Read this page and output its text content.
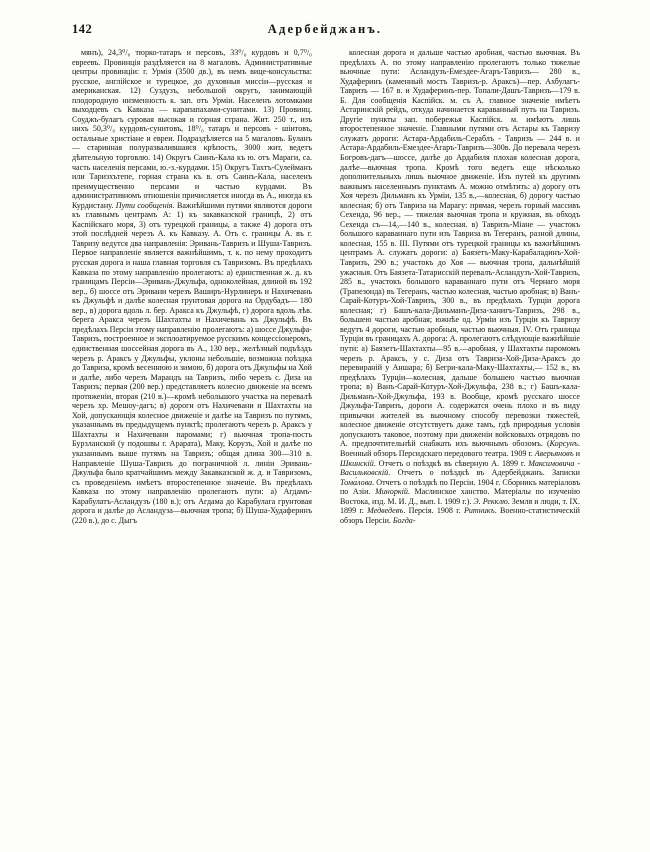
142	Адербейджанъ.

мянъ), 24,3⁰/₀ тюрко-татаръ и персовъ, 33⁰/₀ курдовъ и 0,7⁰/₀ евреевъ. Провинція раздѣляется на 8 магаловъ. Административные центры провинціи: г. Урмія (3500 дв.), въ немъ вице-консульства: русское, англійское и турецкое, до духовныя миссіи—русская и американская. 12) Суздузъ, небольшой округъ, занимающій плодородную низменность к. зап. отъ Урміи. Населенъ лотомками выходцевъ съ Кавказа — карапапахами-сунитами. 13) Провинц. Соуджъ-булагъ суровая высокая и горная страна. Жит. 250 т., изъ нихъ 50,3⁰/₀ курдовъ-сунитовъ, 18⁰/₀ татаръ и персовъ - шіитовъ, остальные христіане и евреи. Подраздѣляется на 5 магаловъ. Буланъ — старинная полуразвалившаяся крѣпость, 3000 жит, ведетъ дѣятельную торговлю. 14) Округъ Саинъ-Кала къ ю. отъ Мараги, са. часть населенія персами, ю.-з.-курдами. 15) Округъ Тахтъ-Сулейманъ или Таризхътепе, горная страна къ в. отъ Саинъ-Кала, населенъ преимущественно персами и частью курдами. Въ административномъ отношеніи причисляется иногда въ А., иногда къ Курдистану. Пути сообщенія. Важнѣйшими путями являются дороги къ главнымъ центрамъ А: 1) къ закавказской границѣ, 2) отъ Каспійскаго моря, 3) отъ турецкой границы, а также 4) дорога отъ этой послѣдней черезъ А. къ Кавказу. А. Отъ с. границы А. въ г. Тавризу ведутся два направленія: Эривань-Тавризъ и Шуша-Тавризъ. Первое направленіе является важнѣйшимъ, т. к. по нему проходитъ русская дорога и наша главная торговля съ Тавризомъ. Въ предѣлахъ Кавказа по этому направленію пролегаютъ: а) единственная ж. д. къ границамъ Персіи—Эривань-Джульфа, одноколейная, длиной въ 192 вер., б) шоссе отъ Эривани черезъ Ваширъ-Нурлинеръ и Нахичевань къ Джульфѣ и далѣе колесная грунтовая дорога на Ордубадъ— 180 вер., в) дорога вдоль л. бер. Аракса къ Джульфѣ, г) дорога вдоль лѣв. берега Аракса черезъ Шахтахты и Нахичевань къ Джульфѣ. Въ предѣлахъ Персіи этому направленію пролегаютъ: а) шоссе Джульфа-Тавризъ, построенное и эксплоатируемое русскимъ концессіонеромъ, единственная шоссейная дорога въ А., 130 вер., желѣзный подъѣздъ черезъ р. Араксъ у Джульфы, уклоны небольшіе, возможна поѣздка до Тавриза, кромѣ весеннюю и зимою, б) дорога отъ Джульфы на Хой и далѣе, либо черезъ Марандъ на Тавризъ, либо черезъ с. Диза на Тавризъ; первая (200 вер.) представляетъ колесно движеніе на всемъ протяженіи, вторая (210 в.)—кромѣ небольшого участка на перевалѣ черезъ хр. Мешоу-дагъ; в) дороги отъ Нахичевани и Шахтахты на Хой, допускающія колесное движеніе и далѣе на Тавризъ по путямъ, указаннымъ въ предыдущемъ пунктѣ; пролегаютъ черезъ р. Араксъ у Шахтахты и Нахичевани паромами; г) вьючная тропа-пость Бурзланской (у подошвы г. Арарата), Маку, Корузъ, Хой и далѣе по указаннымъ выше путямъ на Тавризъ; общая длина 300—310 в. Направленіе Шуша-Тавризъ до пограничной л. линіи Эривань-Джульфа было кратчайшимъ между Закавказской ж. д. и Тавризомъ, съ проведеніемъ имѣетъ второстепенное значеніе. Въ предѣлахъ Кавказа по этому направленію пролегаютъ пути: а) Агдамъ-Карабулатъ-Асландузъ (180 в.); отъ Агдама до Карабулага грунтовая дорога и далѣе до Асландуза—вьючная тропа; б) Шуша-Худаферинъ (220 в.), до с. Дыгъ

колесная дорога и дальше частью аробная, частью вьючная. Въ предѣлахъ А. по этому направленію пролегаютъ только тяжелые вьючные пути: Асландузъ-Емездее-Агаръ-Тавризъ— 280 в., Худаферинъ (каменный мостъ Тавризъ-р. Араксъ)—пер. Ахбулагъ-Тавризъ — 167 в. и Худаферинъ-пер. Топали-Дашъ-Тавризъ—179 в. Б. Для сообщенія Каспійск. м. съ А. главное значеніе имѣетъ Астаринскій рейдъ, откуда начинается караванный путь на Тавризъ. Другіе пункты зап. побережья Каспійск. м. имѣютъ лишь второстепенное значеніе. Главными путями отъ Астары къ Тавризу служатъ дороги: Астара-Ардабиль-Сераблъ - Тавризъ — 244 в. и Астара-Ардабиль-Емездее-Агаръ-Тавризъ—300в. До перевала черезъ Богровъ-дагъ—шоссе, далѣе до Ардабиля плохая колесная дорога, далѣе—вьючная тропа. Кромѣ того ведетъ еще нѣсколько дополнительныхъ лишь вьючное движеніе. Изъ путей къ другимъ важнымъ населеннымъ пунктамъ А. можно отмѣтить: а) дорогу отъ Хоя черезъ Дильманъ къ Урміи, 135 в.,—колесная, б) дорогу частью колесная; б) отъ Тавриза на Марагу: прямая, черезъ горный массивъ Сехенда, 96 вер., — тяжелая вьючная тропа и кружная, въ обходъ Сехенда съ—14₀—140 в., колесная. в) Тавризъ-Міане — участокъ большого караваннаго пути изъ Тавриза въ Тегеранъ, разной длины, колесная, 155 в. III. Путями отъ турецкой границы къ важнѣйшимъ центрамъ А. служатъ дороги: а) Баязетъ-Маку-Карабаладинъ-Хой-Тавризъ, 290 в.; участокъ до Хоя — вьючная тропа, дальнѣйшій ужасныя. Отъ Баязета-Татарисскій перевалъ-Асландузъ-Хой-Тавризъ, 285 в., участокъ большого караваннаго пути отъ Чернаго моря (Трапезонда) въ Тегеранъ, частью колесная, частью аробная; в) Ванъ-Сарай-Котуръ-Хой-Тавризъ, 300 в., въ предѣлахъ Турціи дорога колесная; г) Башъ-кала-Дильманъ-Диза-ханигъ-Тавризъ, 298 в., большею частью аробная; южнѣе од. Урміи изъ Турціи къ Тавризу ведутъ 4 дороги, частью аробныя, частью вьючныя. IV. Отъ границы Турціи въ границахъ А. дорога: А. пролегаютъ слѣдующіе важнѣйшіе пути: а) Баязетъ-Шахтахты—95 в.—аробная, у Шахтахты паромомъ черезъ р. Араксъ, у с. Диза отъ Тавриза-Хой-Диза-Араксъ до перевираній у Аншара; б) Бегри-кала-Маку-Шахтахты,— 152 в., въ предѣлахъ Турціи—колесная, дальше большею частью вьючная тропа; в) Ванъ-Сарай-Котуръ-Хой-Джульфа, 238 в.; г) Башъ-кала-Дильманъ-Хой-Джульфа, 193 в. Вообще, кромѣ русскаго шоссе Джульфа-Тавризъ, дороги А. содержатся очень плохо и въ виду привычки жителей въ вьючному способу перевозки тяжестей, колесное движеніе отсутствуетъ даже тамъ, гдѣ природныя условія допускаютъ таковое, поэтому при движеніи войсковыхъ отрядовъ по А. предпочтительнѣй снабжать ихъ вьючнымъ обозомъ. (Корсунъ. Военный обзоръ Персидскаго передового театра. 1909 г. Аверьяновъ и Шкинскій. Отчетъ о поѣздкѣ въ сѣверную А. 1899 г. Максимовича - Васильковскій. Отчетъ о поѣздкѣ въ Адербейджанъ. Записки Тома́лова. Отчетъ о поѣздкѣ по Персіи. 1904 г. Сборникъ матеріаловъ по Азіи. Миноркій. Маслинское ханство. Матеріалы по изученію Востока, изд. М. И. Д., вып. I. 1909 г.). Э. Рекклю. Земля и люди, т. IX. 1899 г. Медведевъ. Персія. 1908 г. Ритникъ. Военно-статистическій обзоръ Персіи. Богда-
